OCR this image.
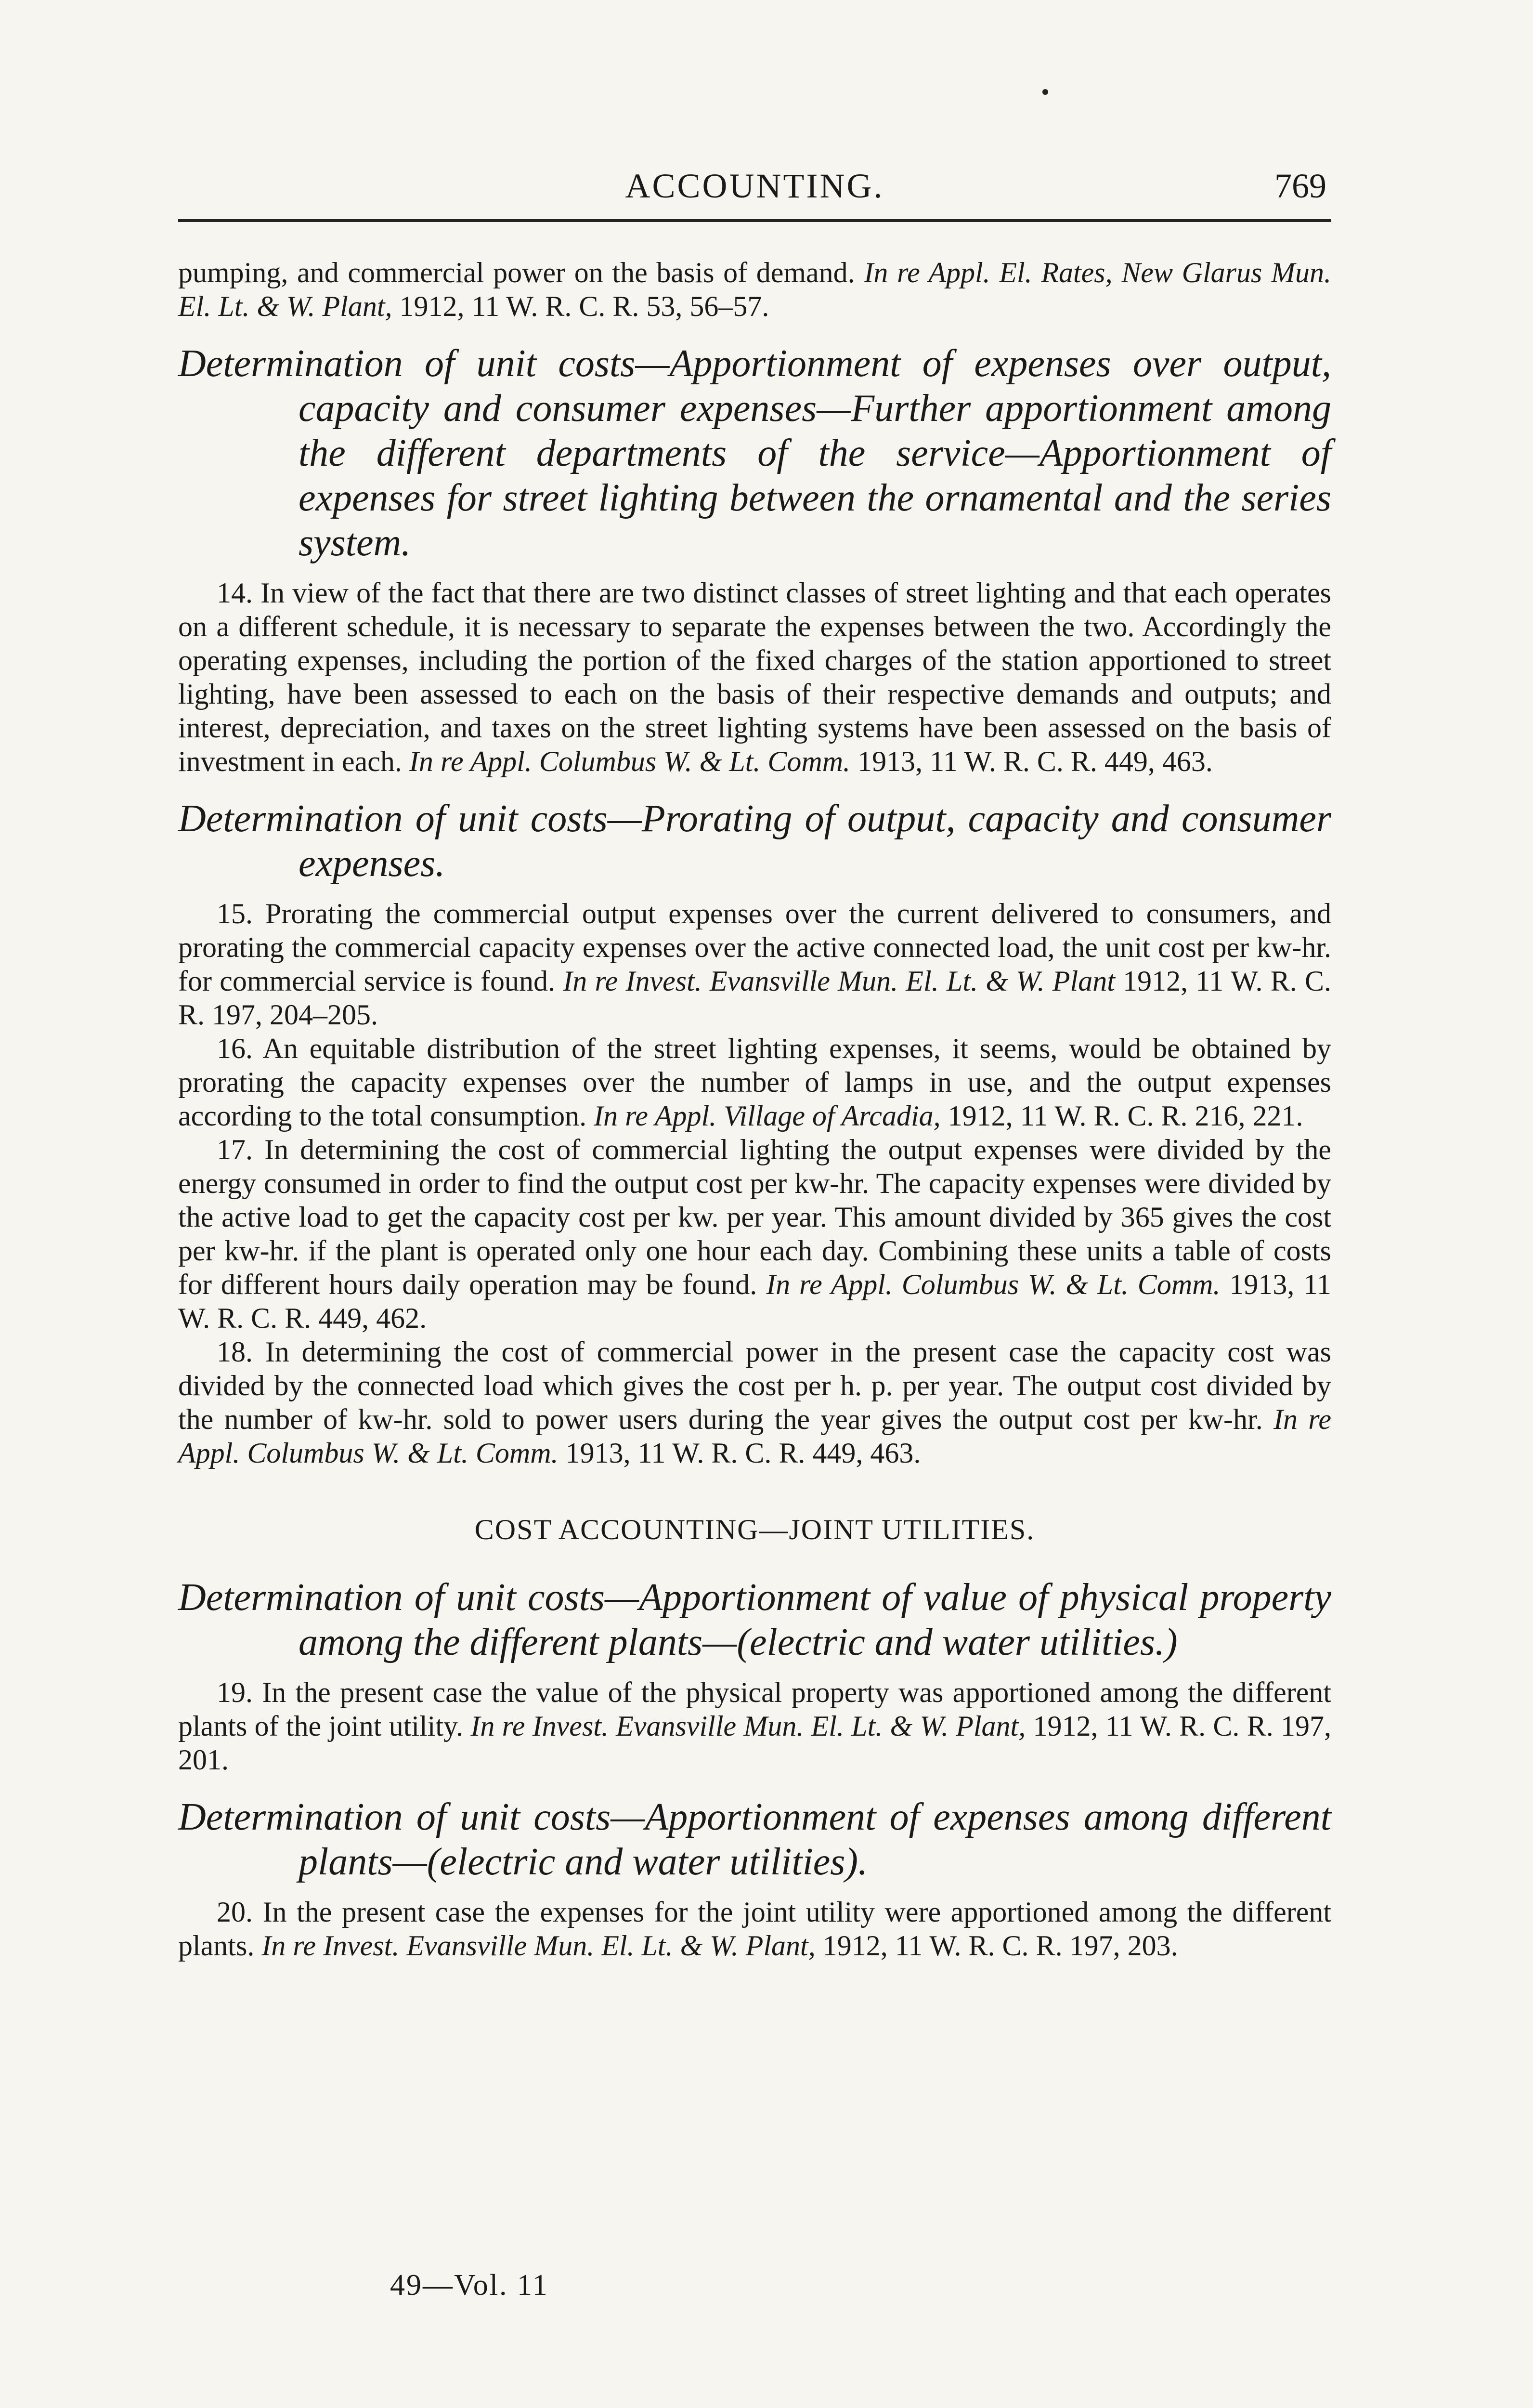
ACCOUNTING.	769

pumping, and commercial power on the basis of demand. In re Appl. El. Rates, New Glarus Mun. El. Lt. & W. Plant, 1912, 11 W. R. C. R. 53, 56–57.

Determination of unit costs—Apportionment of expenses over output, capacity and consumer expenses—Further apportionment among the different departments of the service—Apportionment of expenses for street lighting between the ornamental and the series system.

14. In view of the fact that there are two distinct classes of street lighting and that each operates on a different schedule, it is necessary to separate the expenses between the two. Accordingly the operating expenses, including the portion of the fixed charges of the station apportioned to street lighting, have been assessed to each on the basis of their respective demands and outputs; and interest, depreciation, and taxes on the street lighting systems have been assessed on the basis of investment in each. In re Appl. Columbus W. & Lt. Comm. 1913, 11 W. R. C. R. 449, 463.

Determination of unit costs—Prorating of output, capacity and consumer expenses.

15. Prorating the commercial output expenses over the current delivered to consumers, and prorating the commercial capacity expenses over the active connected load, the unit cost per kw-hr. for commercial service is found. In re Invest. Evansville Mun. El. Lt. & W. Plant 1912, 11 W. R. C. R. 197, 204–205.

16. An equitable distribution of the street lighting expenses, it seems, would be obtained by prorating the capacity expenses over the number of lamps in use, and the output expenses according to the total consumption. In re Appl. Village of Arcadia, 1912, 11 W. R. C. R. 216, 221.

17. In determining the cost of commercial lighting the output expenses were divided by the energy consumed in order to find the output cost per kw-hr. The capacity expenses were divided by the active load to get the capacity cost per kw. per year. This amount divided by 365 gives the cost per kw-hr. if the plant is operated only one hour each day. Combining these units a table of costs for different hours daily operation may be found. In re Appl. Columbus W. & Lt. Comm. 1913, 11 W. R. C. R. 449, 462.

18. In determining the cost of commercial power in the present case the capacity cost was divided by the connected load which gives the cost per h. p. per year. The output cost divided by the number of kw-hr. sold to power users during the year gives the output cost per kw-hr. In re Appl. Columbus W. & Lt. Comm. 1913, 11 W. R. C. R. 449, 463.

COST ACCOUNTING—JOINT UTILITIES.

Determination of unit costs—Apportionment of value of physical property among the different plants—(electric and water utilities.)

19. In the present case the value of the physical property was apportioned among the different plants of the joint utility. In re Invest. Evansville Mun. El. Lt. & W. Plant, 1912, 11 W. R. C. R. 197, 201.

Determination of unit costs—Apportionment of expenses among different plants—(electric and water utilities).

20. In the present case the expenses for the joint utility were apportioned among the different plants. In re Invest. Evansville Mun. El. Lt. & W. Plant, 1912, 11 W. R. C. R. 197, 203.

49—Vol. 11
